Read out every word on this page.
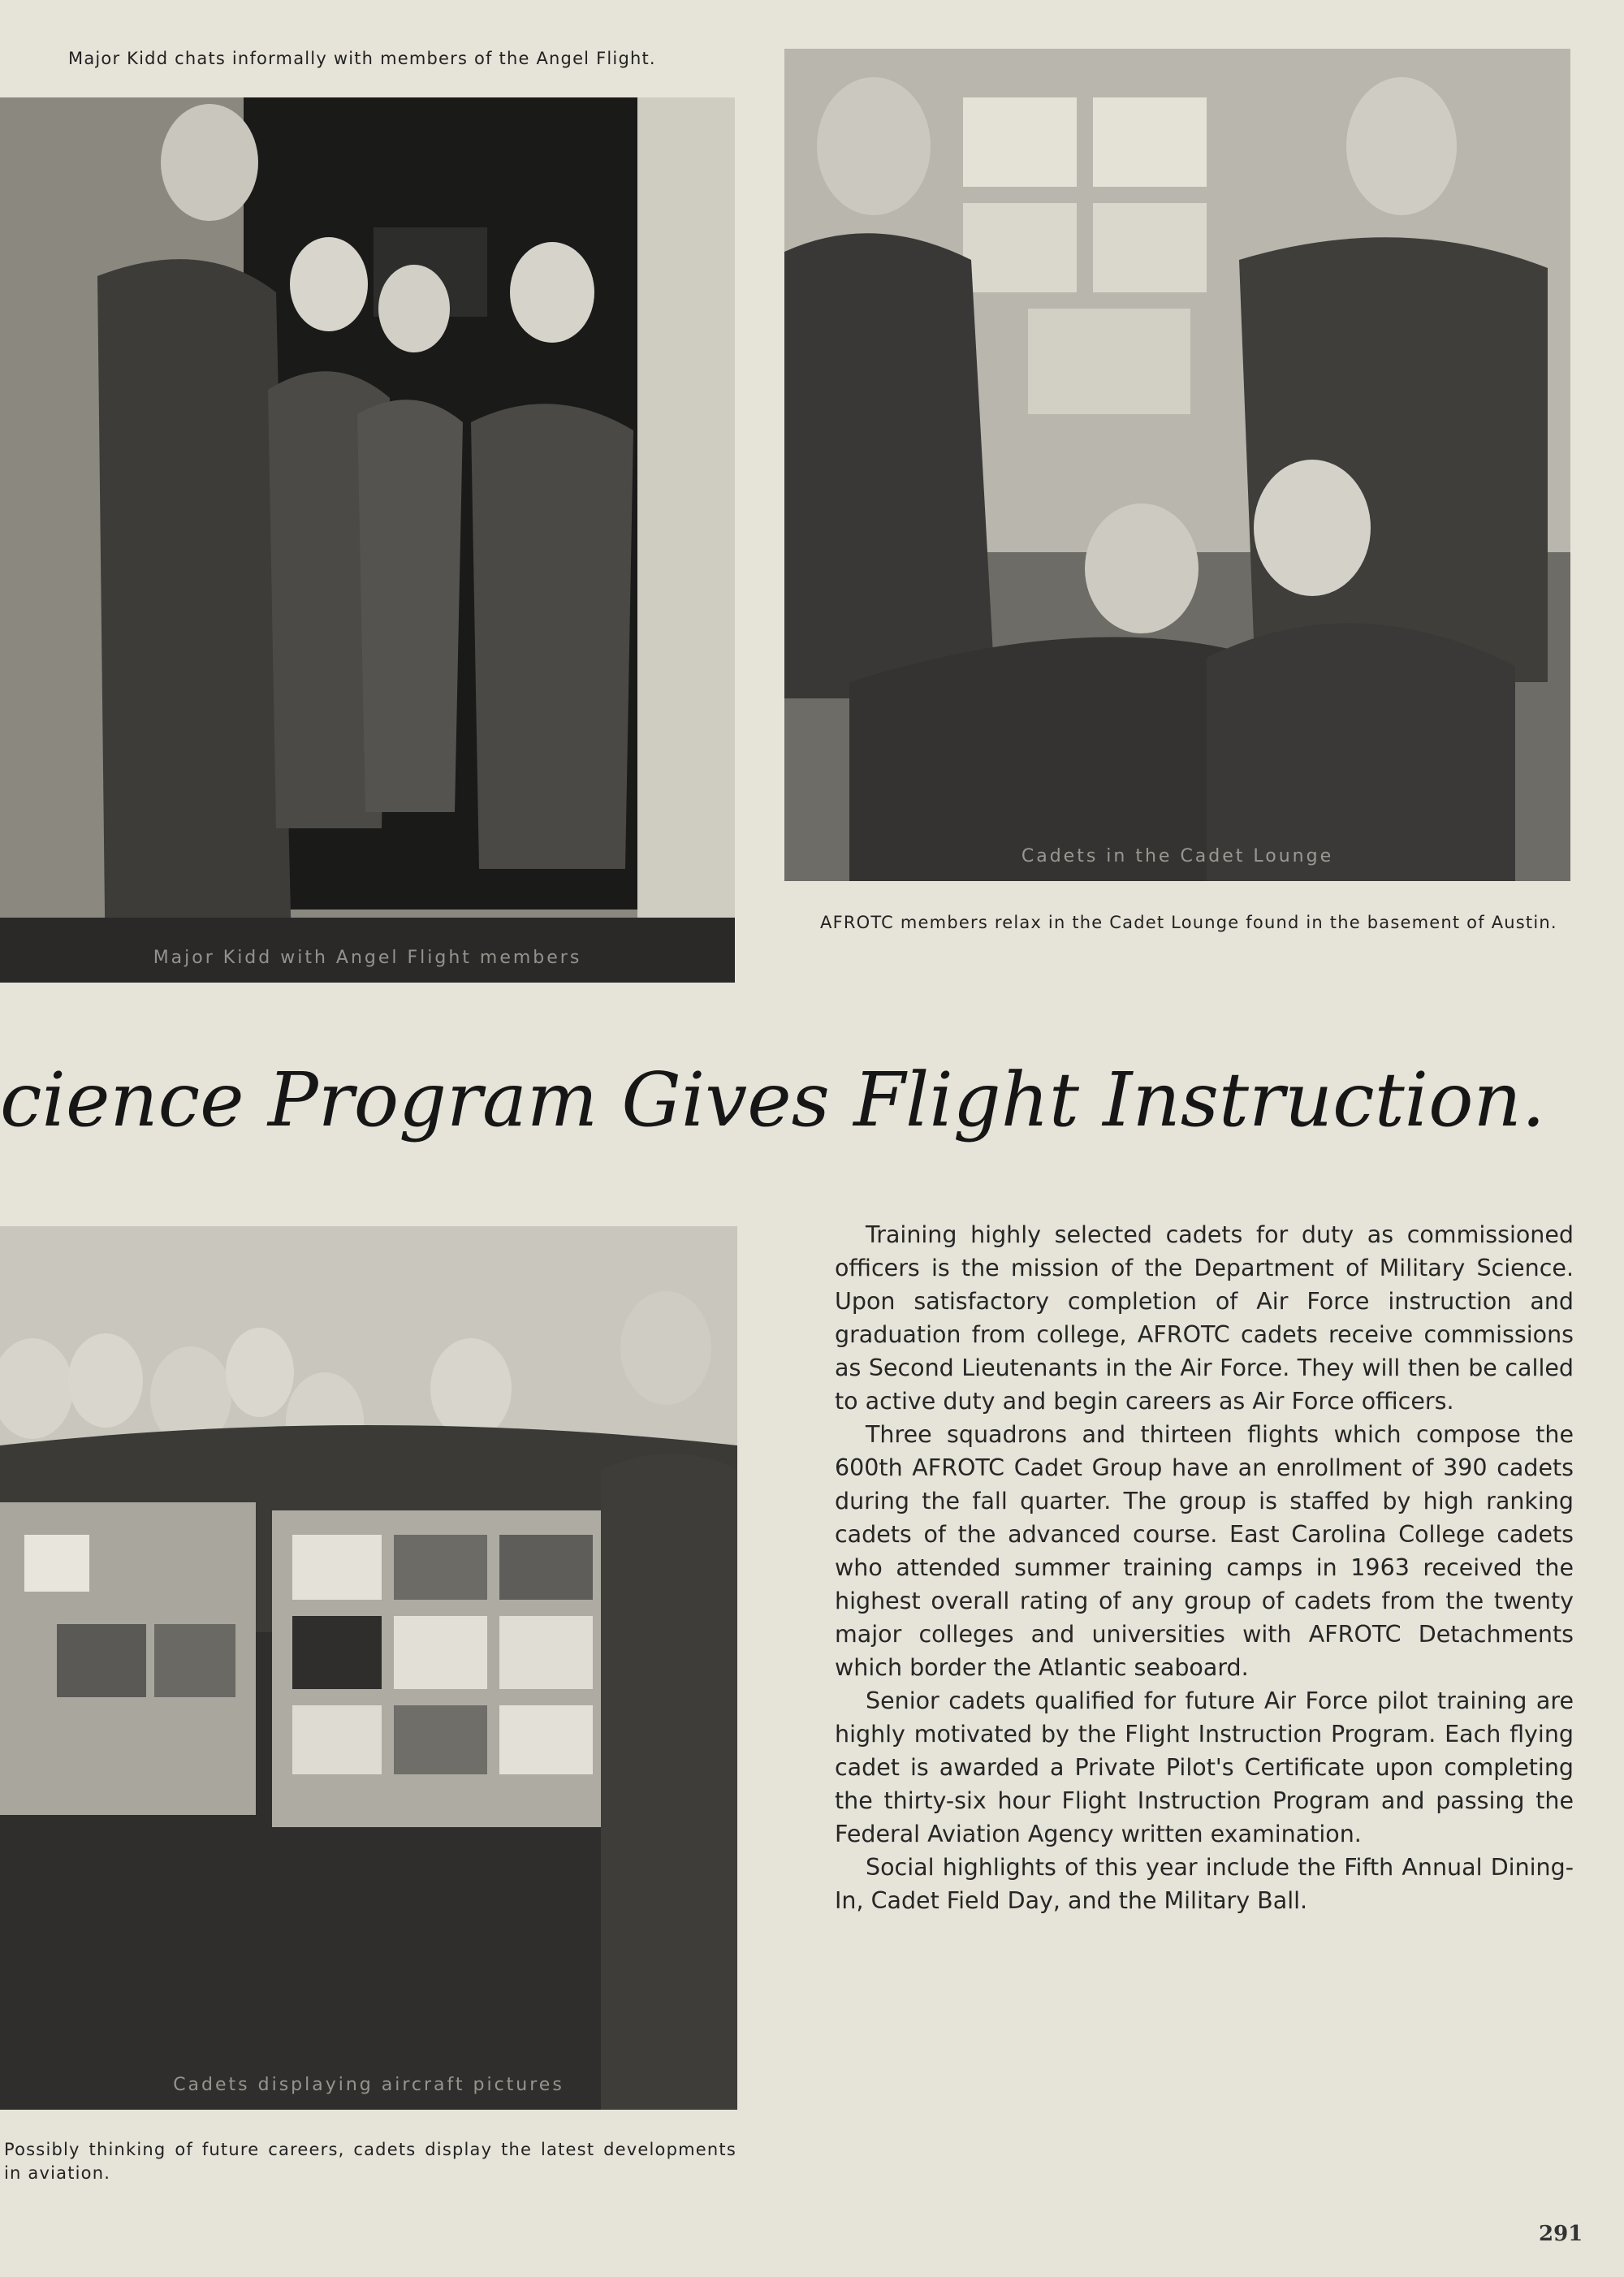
Major Kidd chats informally with members of the Angel Flight.
Major Kidd with Angel Flight members
Cadets in the Cadet Lounge
AFROTC members relax in the Cadet Lounge found in the basement of Austin.
cience Program Gives Flight Instruction.
Cadets displaying aircraft pictures
Possibly thinking of future careers, cadets display the latest developments in aviation.

Training highly selected cadets for duty as commissioned officers is the mission of the Department of Military Science. Upon satisfactory completion of Air Force instruction and graduation from college, AFROTC cadets receive commissions as Second Lieutenants in the Air Force. They will then be called to active duty and begin careers as Air Force officers.

Three squadrons and thirteen flights which compose the 600th AFROTC Cadet Group have an enrollment of 390 cadets during the fall quarter. The group is staffed by high ranking cadets of the advanced course. East Carolina College cadets who attended summer training camps in 1963 received the highest overall rating of any group of cadets from the twenty major colleges and universities with AFROTC Detachments which border the Atlantic seaboard.

Senior cadets qualified for future Air Force pilot training are highly motivated by the Flight Instruction Program. Each flying cadet is awarded a Private Pilot's Certificate upon completing the thirty-six hour Flight Instruction Program and passing the Federal Aviation Agency written examination.

Social highlights of this year include the Fifth Annual Dining-In, Cadet Field Day, and the Military Ball.

291
